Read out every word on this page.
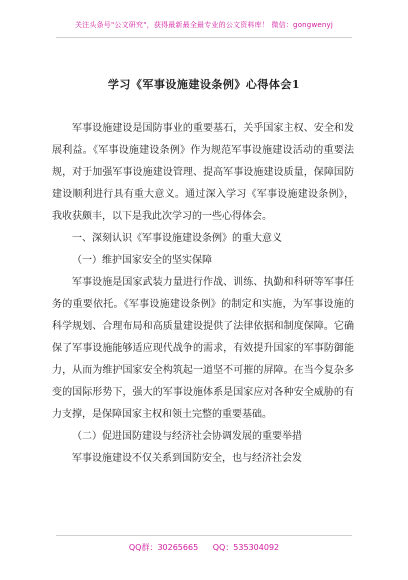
关注头条号"公文研究"，获得最新最全最专业的公文资料库！ 微信：gongwenyj
学习《军事设施建设条例》心得体会1

军事设施建设是国防事业的重要基石，关乎国家主权、安全和发展利益。《军事设施建设条例》作为规范军事设施建设活动的重要法规，对于加强军事设施建设管理、提高军事设施建设质量，保障国防建设顺利进行具有重大意义。通过深入学习《军事设施建设条例》，我收获颇丰，以下是我此次学习的一些心得体会。

一、深刻认识《军事设施建设条例》的重大意义

（一）维护国家安全的坚实保障

军事设施是国家武装力量进行作战、训练、执勤和科研等军事任务的重要依托。《军事设施建设条例》的制定和实施，为军事设施的科学规划、合理布局和高质量建设提供了法律依据和制度保障。它确保了军事设施能够适应现代战争的需求，有效提升国家的军事防御能力，从而为维护国家安全构筑起一道坚不可摧的屏障。在当今复杂多变的国际形势下，强大的军事设施体系是国家应对各种安全威胁的有力支撑，是保障国家主权和领土完整的重要基础。

（二）促进国防建设与经济社会协调发展的重要举措

军事设施建设不仅关系到国防安全，也与经济社会发

QQ群：30265665 QQ：535304092
